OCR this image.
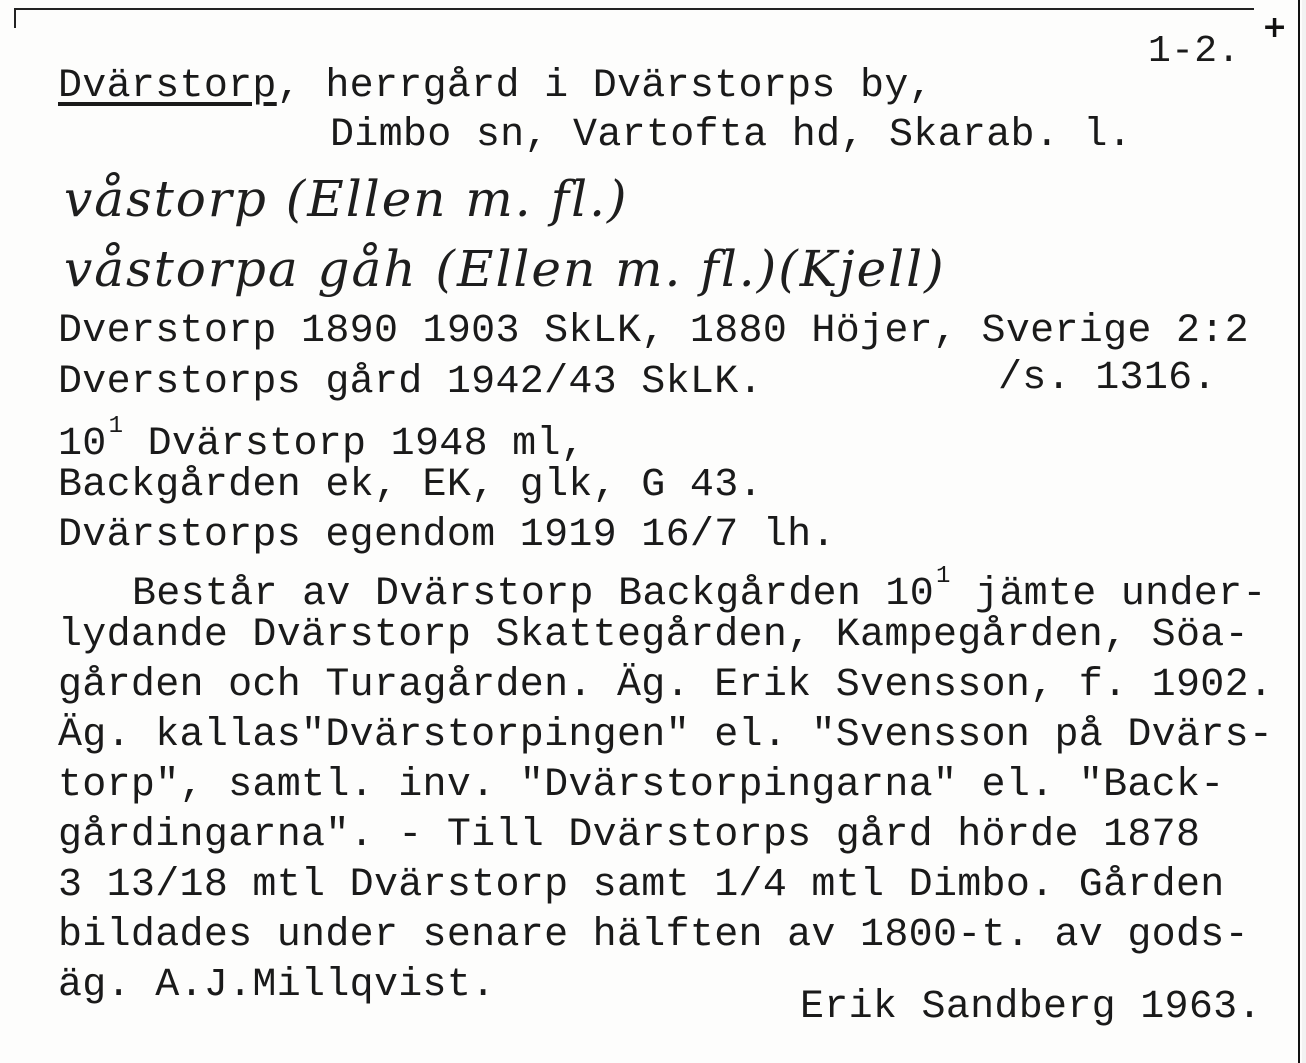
+
1-2.
Dvärstorp, herrgård i Dvärstorps by,
Dimbo sn, Vartofta hd, Skarab. l.
våstorp (Ellen m. fl.)
våstorpa gåh (Ellen m. fl.)(Kjell)
Dverstorp 1890 1903 SkLK, 1880 Höjer, Sverige 2:2
Dverstorps gård 1942/43 SkLK.	/s. 1316.
$10^1$ Dvärstorp 1948 ml,
Backgården ek, EK, glk, G 43.
Dvärstorps egendom 1919 16/7 lh.
Består av Dvärstorp Backgården $10^1$ jämte under-
lydande Dvärstorp Skattegården, Kampegården, Söa-
gården och Turagården. Äg. Erik Svensson, f. 1902.
Äg. kallas"Dvärstorpingen" el. "Svensson på Dvärs-
torp", samtl. inv. "Dvärstorpingarna" el. "Back-
gårdingarna". - Till Dvärstorps gård hörde 1878
3 13/18 mtl Dvärstorp samt 1/4 mtl Dimbo. Gården
bildades under senare hälften av 1800-t. av gods-
äg. A.J.Millqvist.	Erik Sandberg 1963.
